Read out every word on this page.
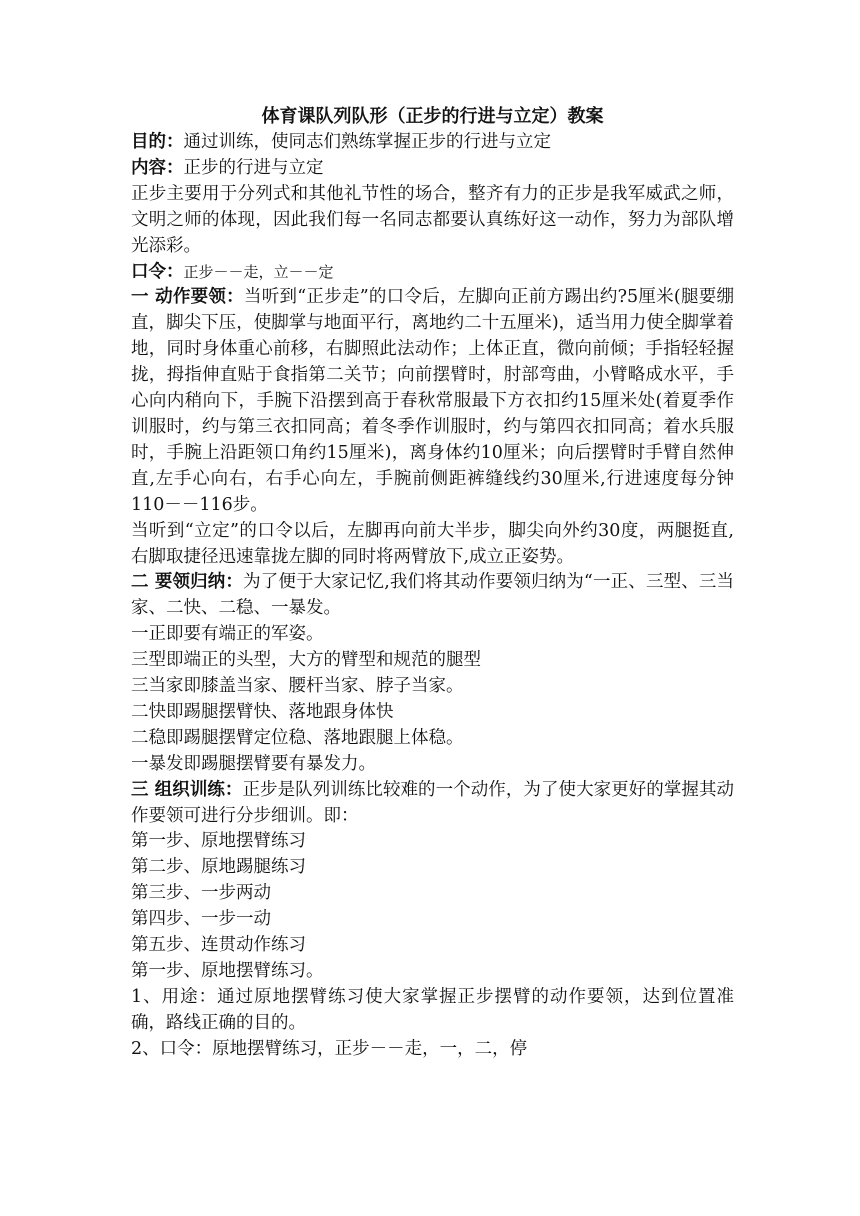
体育课队列队形（正步的行进与立定）教案

目的：通过训练，使同志们熟练掌握正步的行进与立定

内容：正步的行进与立定

正步主要用于分列式和其他礼节性的场合，整齐有力的正步是我军威武之师，文明之师的体现，因此我们每一名同志都要认真练好这一动作，努力为部队增光添彩。

口令：正步－－走，立－－定

一 动作要领：当听到“正步走”的口令后，左脚向正前方踢出约?5厘米(腿要绷直，脚尖下压，使脚掌与地面平行，离地约二十五厘米)，适当用力使全脚掌着地，同时身体重心前移，右脚照此法动作；上体正直，微向前倾；手指轻轻握拢，拇指伸直贴于食指第二关节；向前摆臂时，肘部弯曲，小臂略成水平，手心向内稍向下，手腕下沿摆到高于春秋常服最下方衣扣约15厘米处(着夏季作训服时，约与第三衣扣同高；着冬季作训服时，约与第四衣扣同高；着水兵服时，手腕上沿距领口角约15厘米)，离身体约10厘米；向后摆臂时手臂自然伸直,左手心向右，右手心向左，手腕前侧距裤缝线约30厘米,行进速度每分钟110－－116步。

当听到“立定”的口令以后，左脚再向前大半步，脚尖向外约30度，两腿挺直,右脚取捷径迅速靠拢左脚的同时将两臂放下,成立正姿势。

二 要领归纳：为了便于大家记忆,我们将其动作要领归纳为“一正、三型、三当家、二快、二稳、一暴发。

一正即要有端正的军姿。

三型即端正的头型，大方的臂型和规范的腿型

三当家即膝盖当家、腰杆当家、脖子当家。

二快即踢腿摆臂快、落地跟身体快

二稳即踢腿摆臂定位稳、落地跟腿上体稳。

一暴发即踢腿摆臂要有暴发力。

三 组织训练：正步是队列训练比较难的一个动作，为了使大家更好的掌握其动作要领可进行分步细训。即：

第一步、原地摆臂练习

第二步、原地踢腿练习

第三步、一步两动

第四步、一步一动

第五步、连贯动作练习

第一步、原地摆臂练习。

1、用途：通过原地摆臂练习使大家掌握正步摆臂的动作要领，达到位置准确，路线正确的目的。

2、口令：原地摆臂练习，正步－－走，一，二，停
